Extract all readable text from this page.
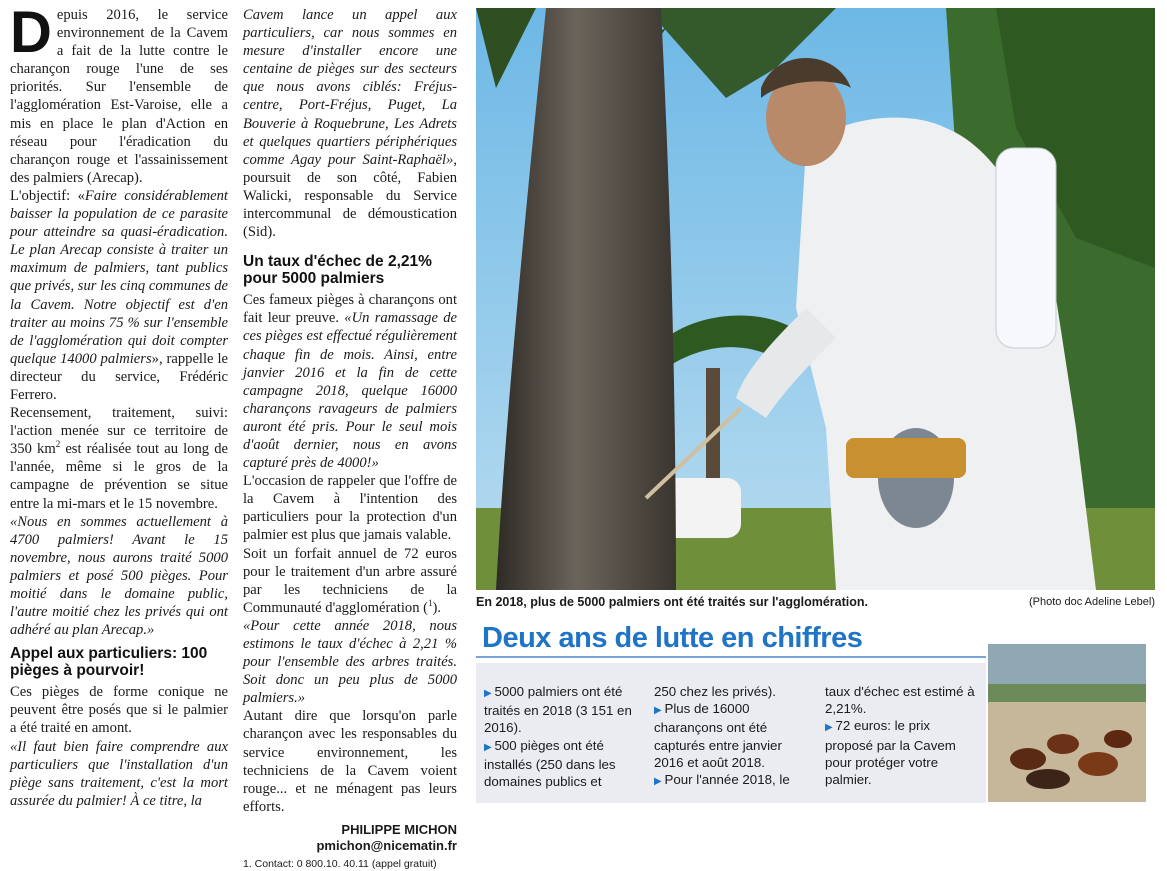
Depuis 2016, le service environnement de la Cavem a fait de la lutte contre le charançon rouge l'une de ses priorités. Sur l'ensemble de l'agglomération Est-Varoise, elle a mis en place le plan d'Action en réseau pour l'éradication du charançon rouge et l'assainissement des palmiers (Arecap).

L'objectif: «Faire considérablement baisser la population de ce parasite pour atteindre sa quasi-éradication. Le plan Arecap consiste à traiter un maximum de palmiers, tant publics que privés, sur les cinq communes de la Cavem. Notre objectif est d'en traiter au moins 75 % sur l'ensemble de l'agglomération qui doit compter quelque 14000 palmiers», rappelle le directeur du service, Frédéric Ferrero.

Recensement, traitement, suivi: l'action menée sur ce territoire de 350 $km^2$ est réalisée tout au long de l'année, même si le gros de la campagne de prévention se situe entre la mi-mars et le 15 novembre.

«Nous en sommes actuellement à 4700 palmiers! Avant le 15 novembre, nous aurons traité 5000 palmiers et posé 500 pièges. Pour moitié dans le domaine public, l'autre moitié chez les privés qui ont adhéré au plan Arecap.»

Appel aux particuliers: 100 pièges à pourvoir!

Ces pièges de forme conique ne peuvent être posés que si le palmier a été traité en amont.

«Il faut bien faire comprendre aux particuliers que l'installation d'un piège sans traitement, c'est la mort assurée du palmier! À ce titre, la

Cavem lance un appel aux particuliers, car nous sommes en mesure d'installer encore une centaine de pièges sur des secteurs que nous avons ciblés: Fréjus-centre, Port-Fréjus, Puget, La Bouverie à Roquebrune, Les Adrets et quelques quartiers périphériques comme Agay pour Saint-Raphaël», poursuit de son côté, Fabien Walicki, responsable du Service intercommunal de démoustication (Sid).

Un taux d'échec de 2,21% pour 5000 palmiers

Ces fameux pièges à charançons ont fait leur preuve. «Un ramassage de ces pièges est effectué régulièrement chaque fin de mois. Ainsi, entre janvier 2016 et la fin de cette campagne 2018, quelque 16000 charançons ravageurs de palmiers auront été pris. Pour le seul mois d'août dernier, nous en avons capturé près de 4000!»

L'occasion de rappeler que l'offre de la Cavem à l'intention des particuliers pour la protection d'un palmier est plus que jamais valable.

Soit un forfait annuel de 72 euros pour le traitement d'un arbre assuré par les techniciens de la Communauté d'agglomération ($^1$).

«Pour cette année 2018, nous estimons le taux d'échec à 2,21 % pour l'ensemble des arbres traités. Soit donc un peu plus de 5000 palmiers.»

Autant dire que lorsqu'on parle charançon avec les responsables du service environnement, les techniciens de la Cavem voient rouge... et ne ménagent pas leurs efforts.

PHILIPPE MICHON
pmichon@nicematin.fr
1. Contact: 0 800.10. 40.11 (appel gratuit)
En 2018, plus de 5000 palmiers ont été traités sur l'agglomération.	(Photo doc Adeline Lebel)
Deux ans de lutte en chiffres
▶ 5000 palmiers ont été traités en 2018 (3 151 en 2016).
▶ 500 pièges ont été installés (250 dans les domaines publics et
250 chez les privés).
▶ Plus de 16000 charançons ont été capturés entre janvier 2016 et août 2018.
▶ Pour l'année 2018, le
taux d'échec est estimé à 2,21%.
▶ 72 euros: le prix proposé par la Cavem pour protéger votre palmier.
